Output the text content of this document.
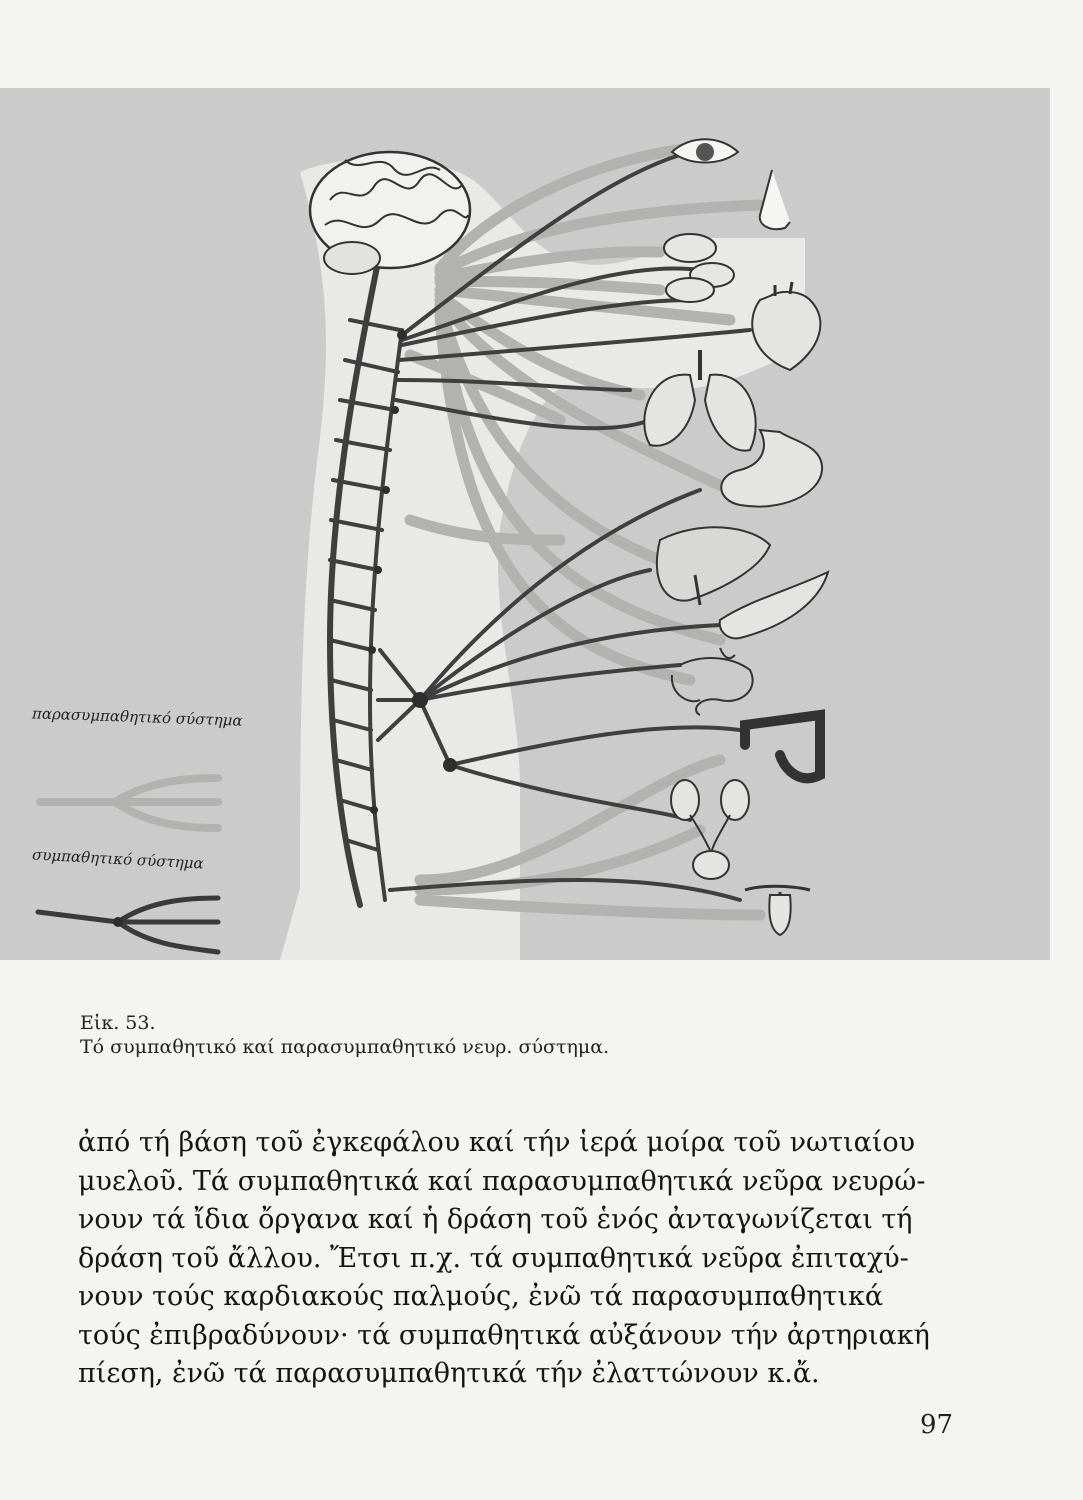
παρασυμπαθητικό σύστημα
συμπαθητικό σύστημα
Εἰκ. 53.
Τό συμπαθητικό καί παρασυμπαθητικό νευρ. σύστημα.
ἀπό τή βάση τοῦ ἐγκεφάλου καί τήν ἱερά μοίρα τοῦ νωτιαίου
μυελοῦ. Τά συμπαθητικά καί παρασυμπαθητικά νεῦρα νευρώ-
νουν τά ἴδια ὄργανα καί ἡ δράση τοῦ ἑνός ἀνταγωνίζεται τή
δράση τοῦ ἄλλου. Ἔτσι π.χ. τά συμπαθητικά νεῦρα ἐπιταχύ-
νουν τούς καρδιακούς παλμούς, ἐνῶ τά παρασυμπαθητικά
τούς ἐπιβραδύνουν· τά συμπαθητικά αὐξάνουν τήν ἀρτηριακή
πίεση, ἐνῶ τά παρασυμπαθητικά τήν ἐλαττώνουν κ.ἄ.
97
